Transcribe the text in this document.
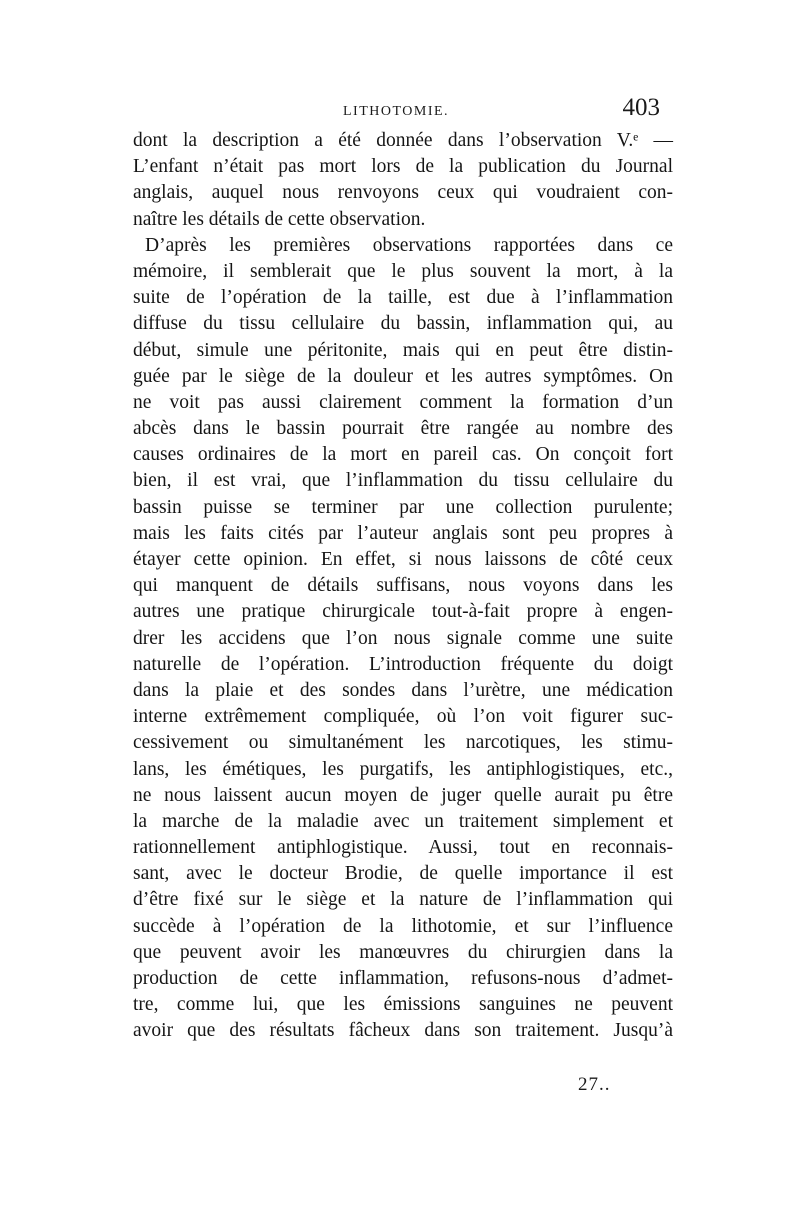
LITHOTOMIE.	403
dont la description a été donnée dans l’observation V.ᵉ —
L’enfant n’était pas mort lors de la publication du Journal
anglais, auquel nous renvoyons ceux qui voudraient con-
naître les détails de cette observation.
D’après les premières observations rapportées dans ce
mémoire, il semblerait que le plus souvent la mort, à la
suite de l’opération de la taille, est due à l’inflammation
diffuse du tissu cellulaire du bassin, inflammation qui, au
début, simule une péritonite, mais qui en peut être distin-
guée par le siège de la douleur et les autres symptômes. On
ne voit pas aussi clairement comment la formation d’un
abcès dans le bassin pourrait être rangée au nombre des
causes ordinaires de la mort en pareil cas. On conçoit fort
bien, il est vrai, que l’inflammation du tissu cellulaire du
bassin puisse se terminer par une collection purulente;
mais les faits cités par l’auteur anglais sont peu propres à
étayer cette opinion. En effet, si nous laissons de côté ceux
qui manquent de détails suffisans, nous voyons dans les
autres une pratique chirurgicale tout-à-fait propre à engen-
drer les accidens que l’on nous signale comme une suite
naturelle de l’opération. L’introduction fréquente du doigt
dans la plaie et des sondes dans l’urètre, une médication
interne extrêmement compliquée, où l’on voit figurer suc-
cessivement ou simultanément les narcotiques, les stimu-
lans, les émétiques, les purgatifs, les antiphlogistiques, etc.,
ne nous laissent aucun moyen de juger quelle aurait pu être
la marche de la maladie avec un traitement simplement et
rationnellement antiphlogistique. Aussi, tout en reconnais-
sant, avec le docteur Brodie, de quelle importance il est
d’être fixé sur le siège et la nature de l’inflammation qui
succède à l’opération de la lithotomie, et sur l’influence
que peuvent avoir les manœuvres du chirurgien dans la
production de cette inflammation, refusons-nous d’admet-
tre, comme lui, que les émissions sanguines ne peuvent
avoir que des résultats fâcheux dans son traitement. Jusqu’à
27..
